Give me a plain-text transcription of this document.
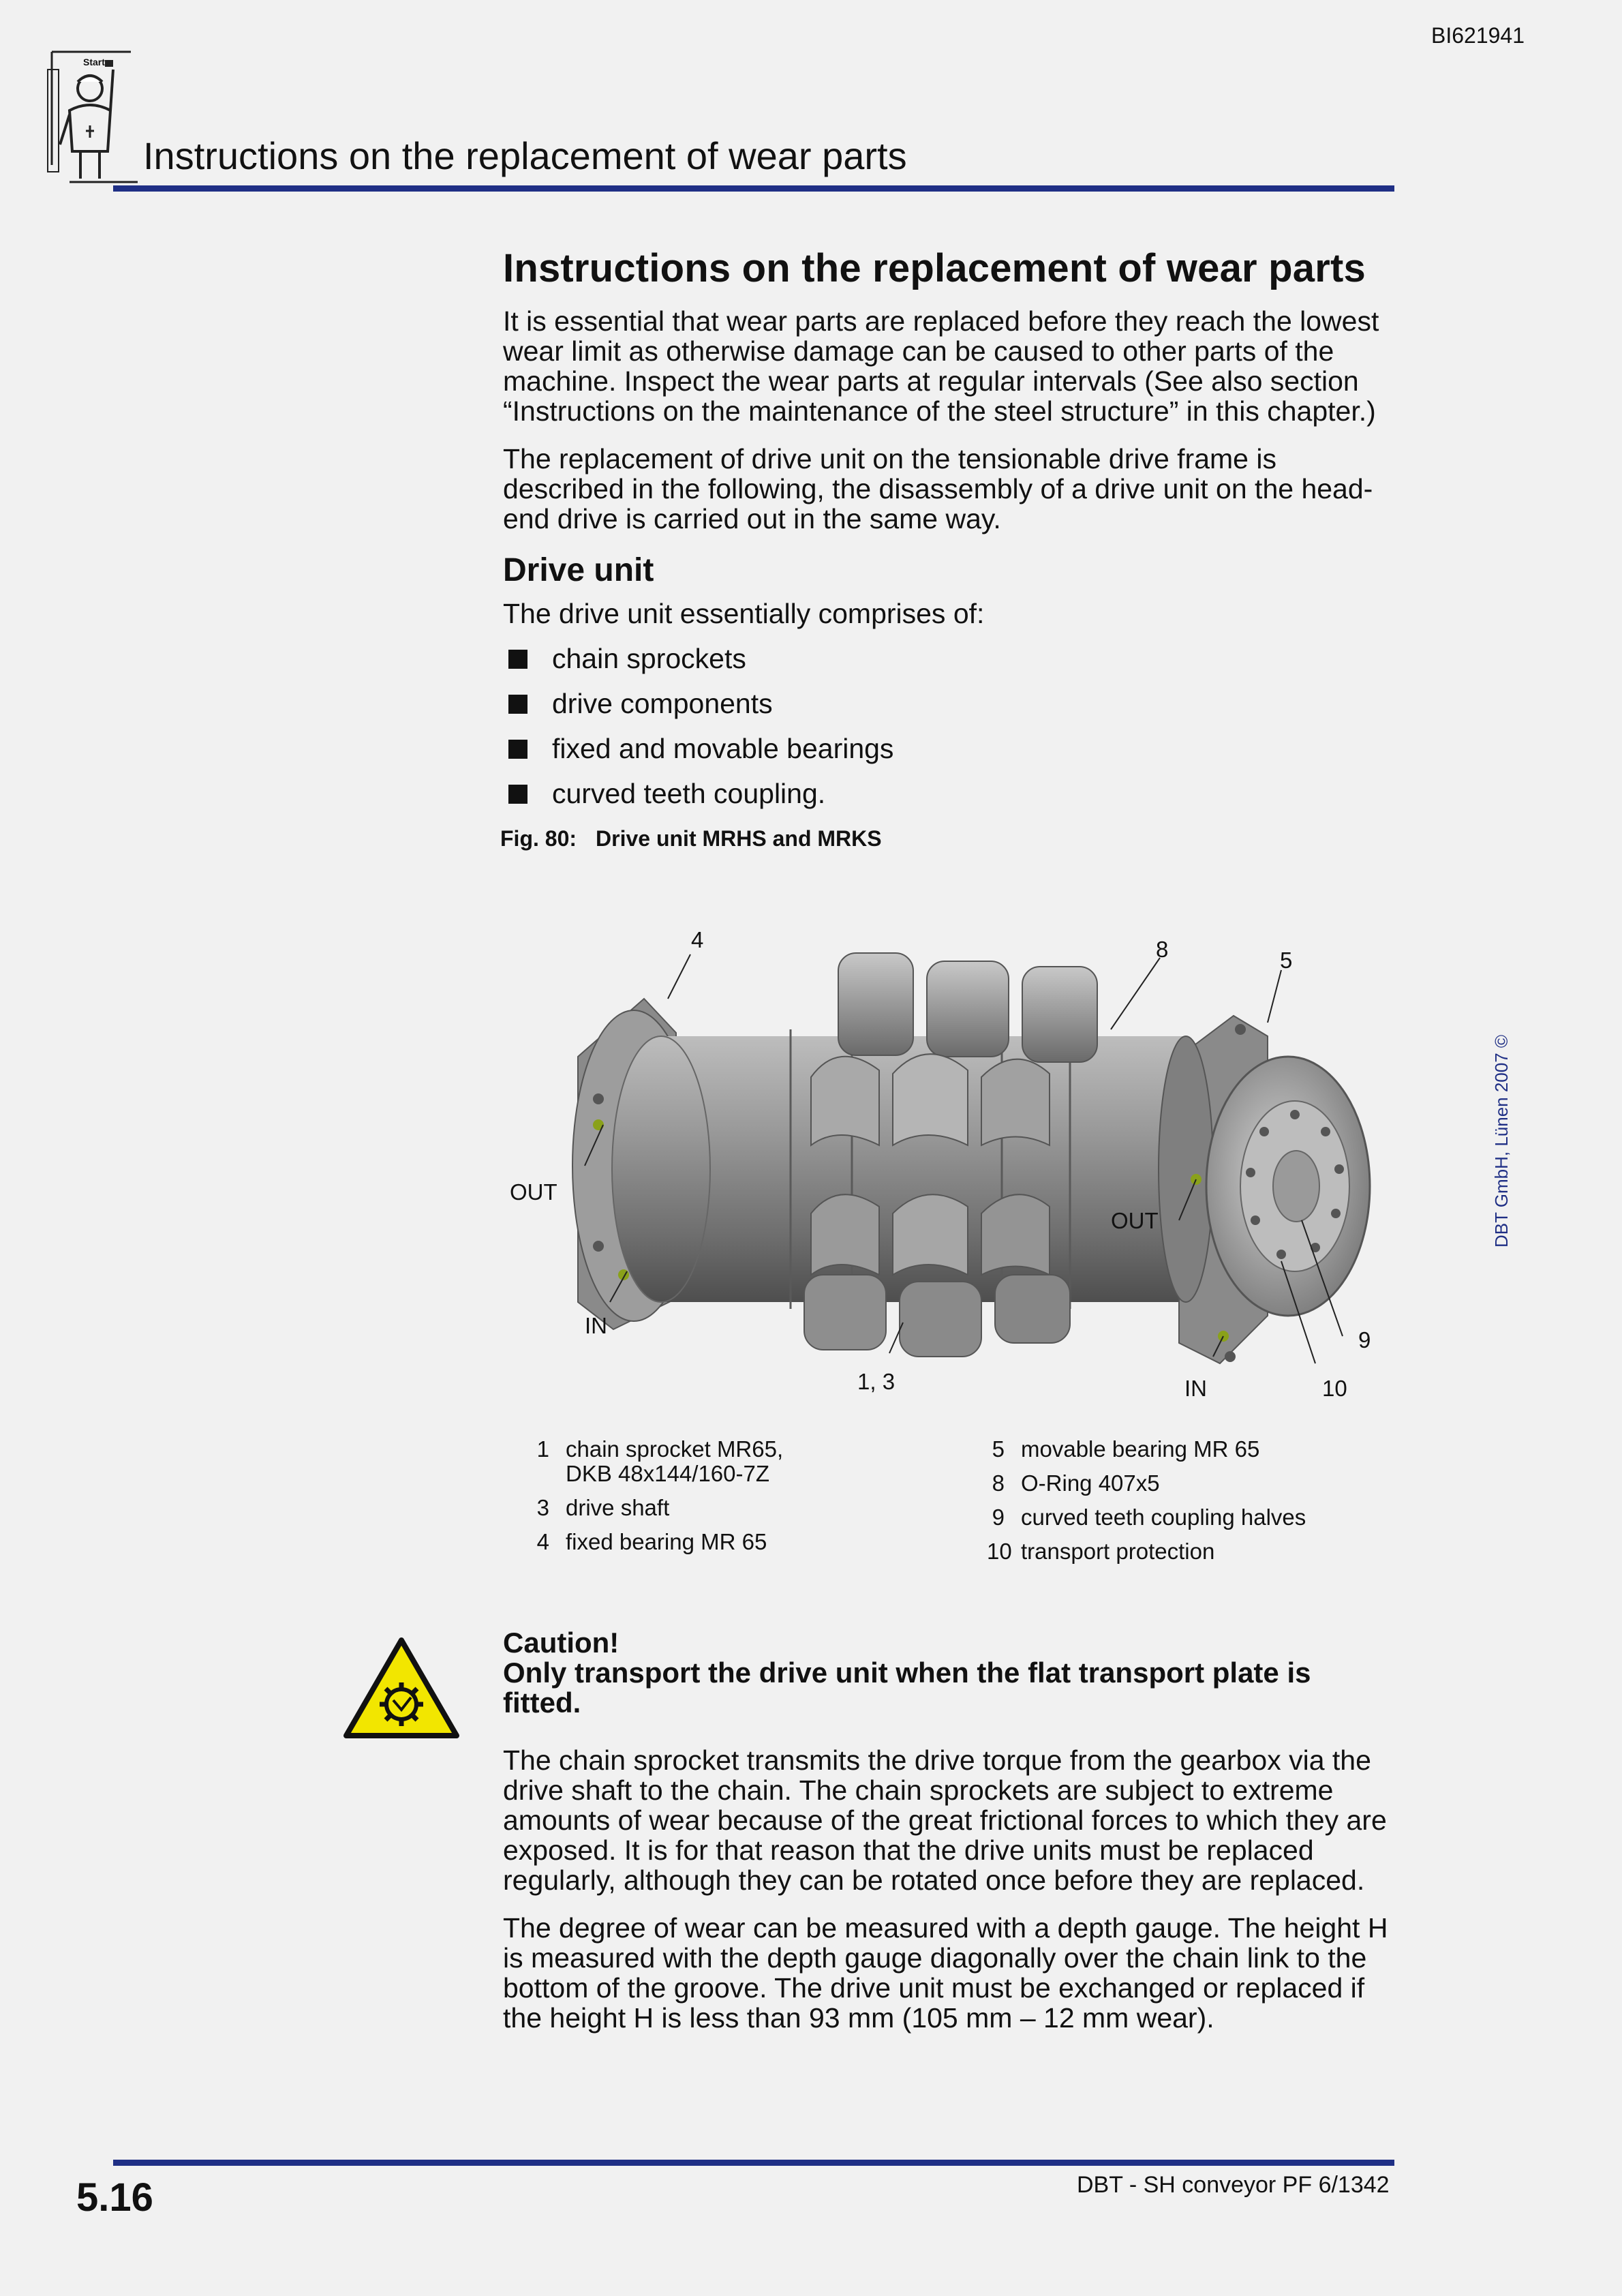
BI621941
Start
Instructions on the replacement of wear parts
Instructions on the replacement of wear parts

It is essential that wear parts are replaced before they reach the lowest wear limit as otherwise damage can be caused to other parts of the machine. Inspect the wear parts at regular intervals (See also section “Instructions on the maintenance of the steel structure” in this chapter.)

The replacement of drive unit on the tensionable drive frame is described in the following, the disassembly of a drive unit on the head-end drive is carried out in the same way.

Drive unit

The drive unit essentially comprises of:

chain sprockets
drive components
fixed and movable bearings
curved teeth coupling.
Fig. 80: Drive unit MRHS and MRKS
4	8	5
OUT
OUT
IN
9
1, 3	IN	10
1 chain sprocket MR65, DKB 48x144/160-7Z
3 drive shaft
4 fixed bearing MR 65
5 movable bearing MR 65
8 O-Ring 407x5
9 curved teeth coupling halves
10 transport protection
Caution!
Only transport the drive unit when the flat transport plate is fitted.

The chain sprocket transmits the drive torque from the gearbox via the drive shaft to the chain. The chain sprockets are subject to extreme amounts of wear because of the great frictional forces to which they are exposed. It is for that reason that the drive units must be replaced regularly, although they can be rotated once before they are replaced.

The degree of wear can be measured with a depth gauge. The height H is measured with the depth gauge diagonally over the chain link to the bottom of the groove. The drive unit must be exchanged or replaced if the height H is less than 93 mm (105 mm – 12 mm wear).

DBT GmbH, Lünen 2007 ©
5.16	DBT - SH conveyor PF 6/1342
